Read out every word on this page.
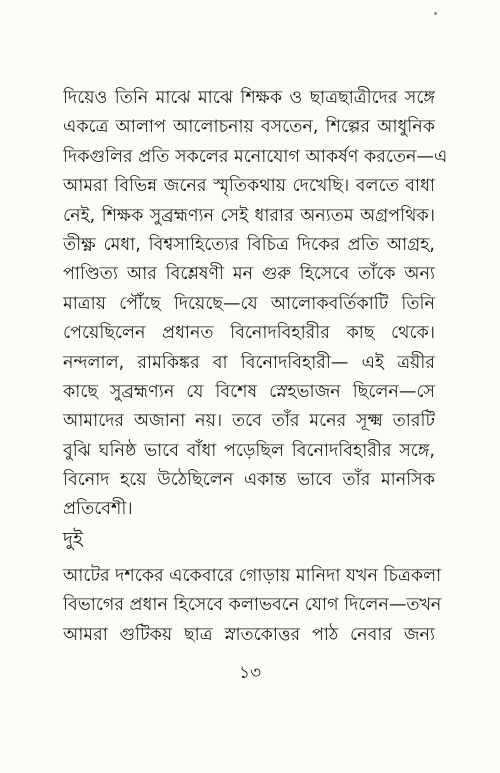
দিয়েও তিনি মাঝে মাঝে শিক্ষক ও ছাত্রছাত্রীদের সঙ্গে
একত্রে আলাপ আলোচনায় বসতেন, শিল্পের আধুনিক
দিকগুলির প্রতি সকলের মনোযোগ আকর্ষণ করতেন—এ
আমরা বিভিন্ন জনের স্মৃতিকথায় দেখেছি। বলতে বাধা
নেই, শিক্ষক সুব্রহ্মণ্যন সেই ধারার অন্যতম অগ্রপথিক।
তীক্ষ্ণ মেধা, বিশ্বসাহিত্যের বিচিত্র দিকের প্রতি আগ্রহ,
পাণ্ডিত্য আর বিশ্লেষণী মন গুরু হিসেবে তাঁকে অন্য
মাত্রায় পৌঁছে দিয়েছে—যে আলোকবর্তিকাটি তিনি
পেয়েছিলেন প্রধানত বিনোদবিহারীর কাছ থেকে।
নন্দলাল, রামকিঙ্কর বা বিনোদবিহারী— এই ত্রয়ীর
কাছে সুব্রহ্মণ্যন যে বিশেষ স্নেহভাজন ছিলেন—সে
আমাদের অজানা নয়। তবে তাঁর মনের সূক্ষ্ম তারটি
বুঝি ঘনিষ্ঠ ভাবে বাঁধা পড়েছিল বিনোদবিহারীর সঙ্গে,
বিনোদ হয়ে উঠেছিলেন একান্ত ভাবে তাঁর মানসিক
প্রতিবেশী।
দুই
আটের দশকের একেবারে গোড়ায় মানিদা যখন চিত্রকলা
বিভাগের প্রধান হিসেবে কলাভবনে যোগ দিলেন—তখন
আমরা গুটিকয় ছাত্র স্নাতকোত্তর পাঠ নেবার জন্য
১৩
